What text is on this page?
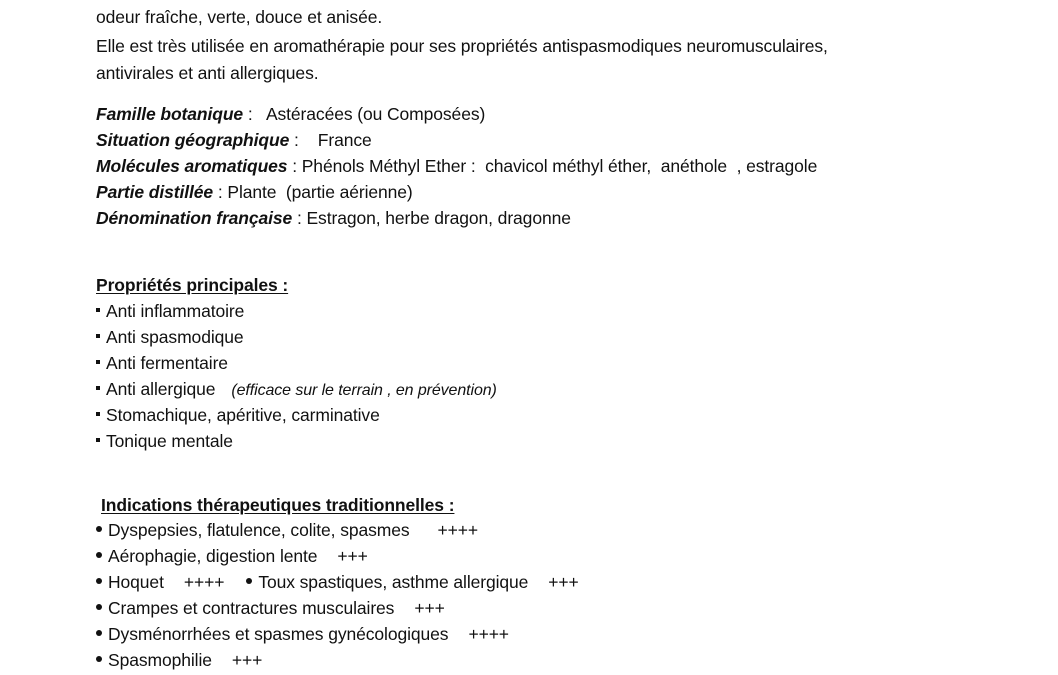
odeur fraîche, verte, douce et anisée.
Elle est très utilisée en aromathérapie pour ses propriétés antispasmodiques neuromusculaires,
antivirales et anti allergiques.
Famille botanique :   Astéracées (ou Composées)
Situation géographique :    France
Molécules aromatiques : Phénols Méthyl Ether :  chavicol méthyl éther,  anéthole  , estragole
Partie distillée : Plante  (partie aérienne)
Dénomination française : Estragon, herbe dragon, dragonne
Propriétés principales :
Anti inflammatoire
Anti spasmodique
Anti fermentaire
Anti allergique (efficace sur le terrain , en prévention)
Stomachique, apéritive, carminative
Tonique mentale
Indications thérapeutiques traditionnelles :
Dyspepsies, flatulence, colite, spasmes ++++
Aérophagie, digestion lente +++
Hoquet ++++ Toux spastiques, asthme allergique +++
Crampes et contractures musculaires +++
Dysménorrhées et spasmes gynécologiques ++++
Spasmophilie +++
